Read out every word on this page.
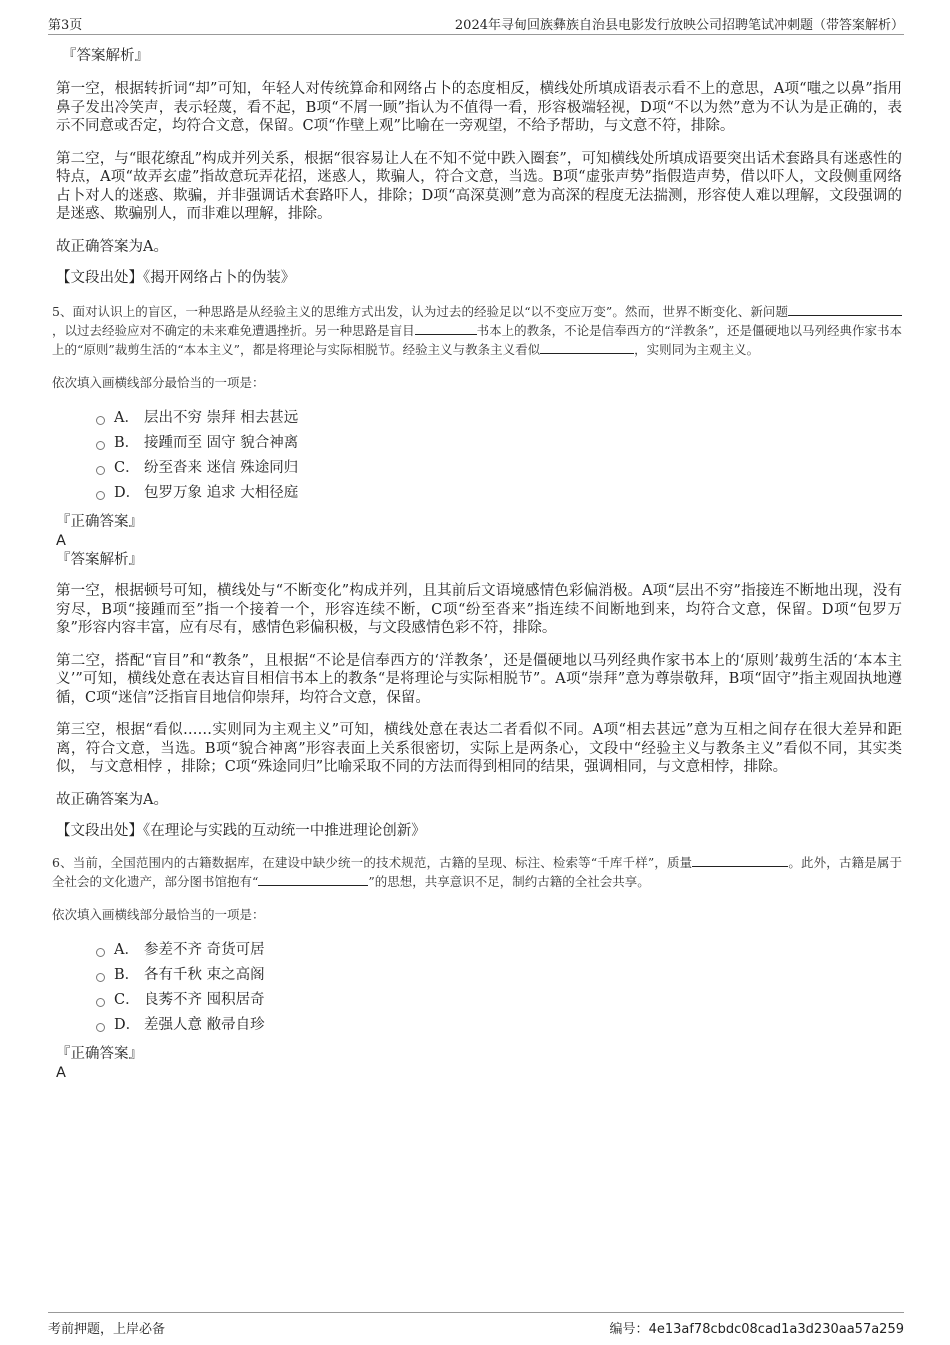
第3页	2024年寻甸回族彝族自治县电影发行放映公司招聘笔试冲刺题（带答案解析）
『答案解析』

第一空，根据转折词“却”可知，年轻人对传统算命和网络占卜的态度相反，横线处所填成语表示看不上的意思，A项“嗤之以鼻”指用鼻子发出冷笑声，表示轻蔑，看不起，B项“不屑一顾”指认为不值得一看，形容极端轻视，D项“不以为然”意为不认为是正确的，表示不同意或否定，均符合文意，保留。C项“作壁上观”比喻在一旁观望，不给予帮助，与文意不符，排除。

第二空，与“眼花缭乱”构成并列关系，根据“很容易让人在不知不觉中跌入圈套”，可知横线处所填成语要突出话术套路具有迷惑性的特点，A项“故弄玄虚”指故意玩弄花招，迷惑人，欺骗人，符合文意，当选。B项“虚张声势”指假造声势，借以吓人，文段侧重网络占卜对人的迷惑、欺骗，并非强调话术套路吓人，排除；D项“高深莫测”意为高深的程度无法揣测，形容使人难以理解，文段强调的是迷惑、欺骗别人，而非难以理解，排除。

故正确答案为A。

【文段出处】《揭开网络占卜的伪装》

5、面对认识上的盲区，一种思路是从经验主义的思维方式出发，认为过去的经验足以“以不变应万变”。然而，世界不断变化、新问题，以过去经验应对不确定的未来难免遭遇挫折。另一种思路是盲目	书本上的教条，不论是信奉西方的“洋教条”，还是僵硬地以马列经典作家书本上的“原则”裁剪生活的“本本主义”，都是将理论与实际相脱节。经验主义与教条主义看似	，实则同为主观主义。

依次填入画横线部分最恰当的一项是：

A． 层出不穷 崇拜 相去甚远
B． 接踵而至 固守 貌合神离
C． 纷至沓来 迷信 殊途同归
D． 包罗万象 追求 大相径庭
『正确答案』
A
『答案解析』

第一空，根据顿号可知，横线处与“不断变化”构成并列，且其前后文语境感情色彩偏消极。A项“层出不穷”指接连不断地出现，没有穷尽，B项“接踵而至”指一个接着一个，形容连续不断，C项“纷至沓来”指连续不间断地到来，均符合文意，保留。D项“包罗万象”形容内容丰富，应有尽有，感情色彩偏积极，与文段感情色彩不符，排除。

第二空，搭配“盲目”和“教条”，且根据“不论是信奉西方的‘洋教条’，还是僵硬地以马列经典作家书本上的‘原则’裁剪生活的‘本本主义’”可知，横线处意在表达盲目相信书本上的教条“是将理论与实际相脱节”。A项“崇拜”意为尊崇敬拜，B项“固守”指主观固执地遵循，C项“迷信”泛指盲目地信仰崇拜，均符合文意，保留。

第三空，根据“看似……实则同为主观主义”可知，横线处意在表达二者看似不同。A项“相去甚远”意为互相之间存在很大差异和距离，符合文意，当选。B项“貌合神离”形容表面上关系很密切，实际上是两条心，文段中“经验主义与教条主义”看似不同，其实类似， 与文意相悖 ，排除；C项“殊途同归”比喻采取不同的方法而得到相同的结果，强调相同，与文意相悖，排除。

故正确答案为A。

【文段出处】《在理论与实践的互动统一中推进理论创新》

6、当前，全国范围内的古籍数据库，在建设中缺少统一的技术规范，古籍的呈现、标注、检索等“千库千样”，质量	。此外，古籍是属于全社会的文化遗产，部分图书馆抱有“	”的思想，共享意识不足，制约古籍的全社会共享。

依次填入画横线部分最恰当的一项是：

A． 参差不齐 奇货可居
B． 各有千秋 束之高阁
C． 良莠不齐 囤积居奇
D． 差强人意 敝帚自珍
『正确答案』
A
考前押题，上岸必备	编号：4e13af78cbdc08cad1a3d230aa57a259
